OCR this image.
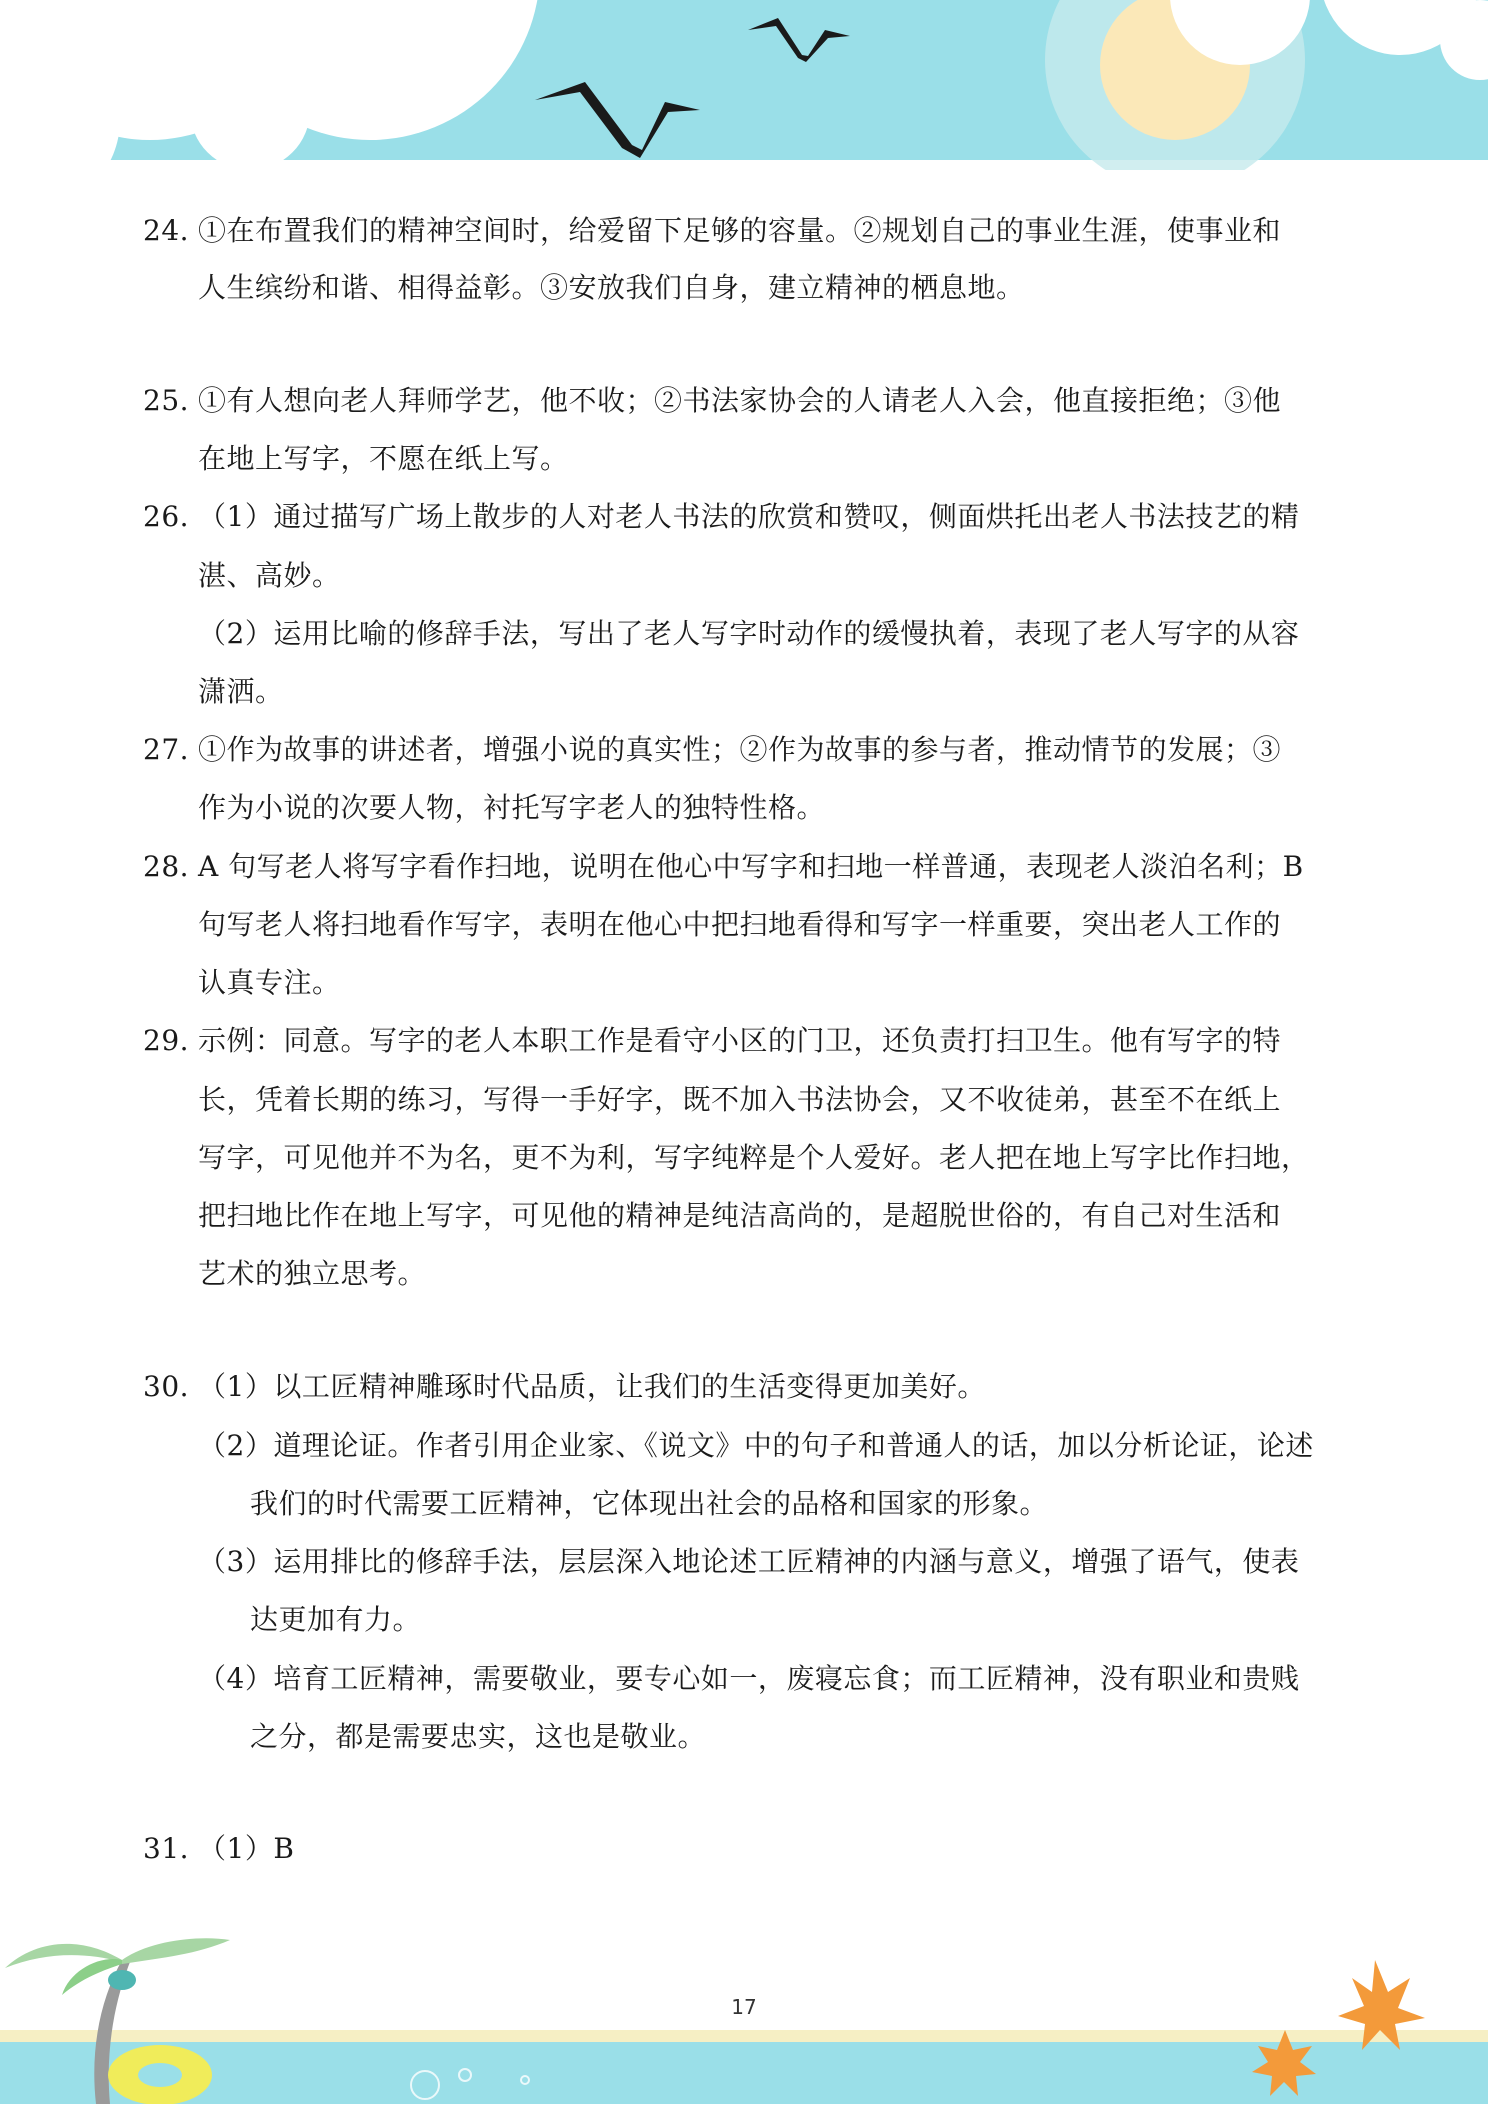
24. ①在布置我们的精神空间时，给爱留下足够的容量。②规划自己的事业生涯，使事业和
人生缤纷和谐、相得益彰。③安放我们自身，建立精神的栖息地。
25. ①有人想向老人拜师学艺，他不收；②书法家协会的人请老人入会，他直接拒绝；③他
在地上写字，不愿在纸上写。
26. （1）通过描写广场上散步的人对老人书法的欣赏和赞叹，侧面烘托出老人书法技艺的精
湛、高妙。
（2）运用比喻的修辞手法，写出了老人写字时动作的缓慢执着，表现了老人写字的从容
潇洒。
27. ①作为故事的讲述者，增强小说的真实性；②作为故事的参与者，推动情节的发展；③
作为小说的次要人物，衬托写字老人的独特性格。
28. A 句写老人将写字看作扫地，说明在他心中写字和扫地一样普通，表现老人淡泊名利；B
句写老人将扫地看作写字，表明在他心中把扫地看得和写字一样重要，突出老人工作的
认真专注。
29. 示例：同意。写字的老人本职工作是看守小区的门卫，还负责打扫卫生。他有写字的特
长，凭着长期的练习，写得一手好字，既不加入书法协会，又不收徒弟，甚至不在纸上
写字，可见他并不为名，更不为利，写字纯粹是个人爱好。老人把在地上写字比作扫地，
把扫地比作在地上写字，可见他的精神是纯洁高尚的，是超脱世俗的，有自己对生活和
艺术的独立思考。
30. （1）以工匠精神雕琢时代品质，让我们的生活变得更加美好。
（2）道理论证。作者引用企业家、《说文》中的句子和普通人的话，加以分析论证，论述
我们的时代需要工匠精神，它体现出社会的品格和国家的形象。
（3）运用排比的修辞手法，层层深入地论述工匠精神的内涵与意义，增强了语气，使表
达更加有力。
（4）培育工匠精神，需要敬业，要专心如一，废寝忘食；而工匠精神，没有职业和贵贱
之分，都是需要忠实，这也是敬业。
31. （1）B
17
